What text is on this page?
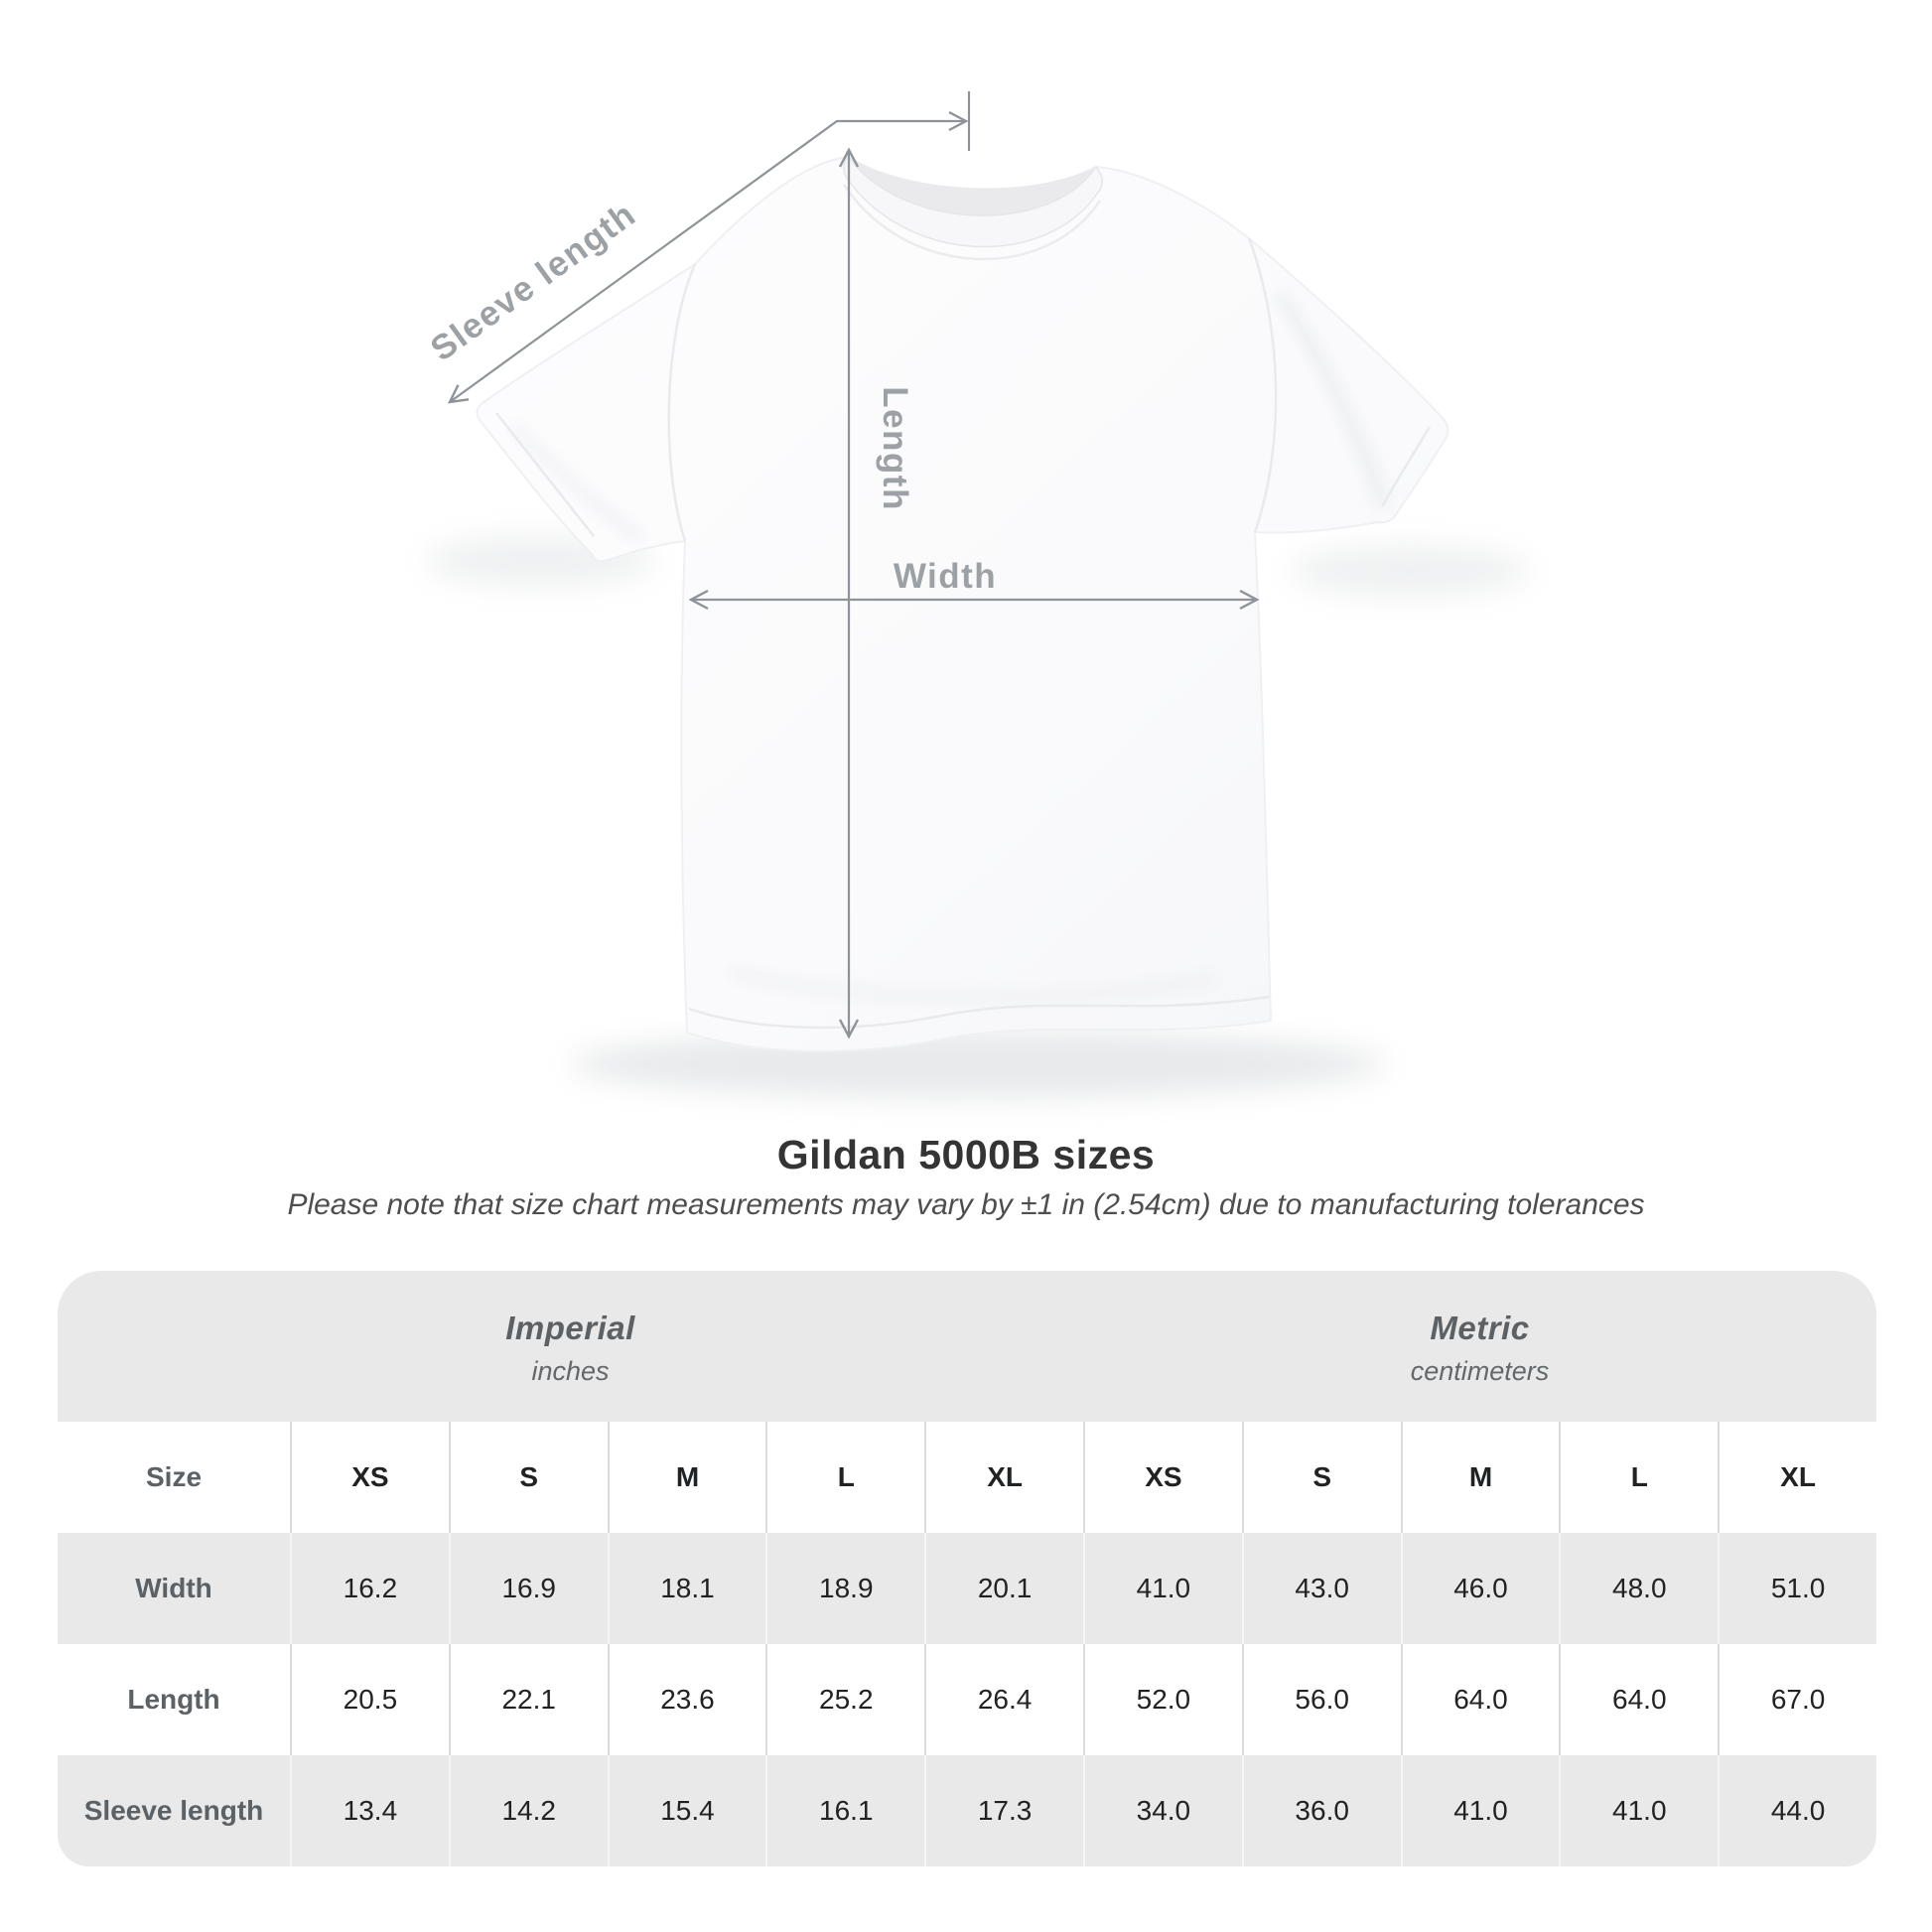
Sleeve length
Length
Width
Gildan 5000B sizes

Please note that size chart measurements may vary by ±1 in (2.54cm) due to manufacturing tolerances

Imperial
inches
Metric
centimeters
Size	XS	S	M	L	XL	XS	S	M	L	XL
Width	16.2	16.9	18.1	18.9	20.1	41.0	43.0	46.0	48.0	51.0
Length	20.5	22.1	23.6	25.2	26.4	52.0	56.0	64.0	64.0	67.0
Sleeve length	13.4	14.2	15.4	16.1	17.3	34.0	36.0	41.0	41.0	44.0
